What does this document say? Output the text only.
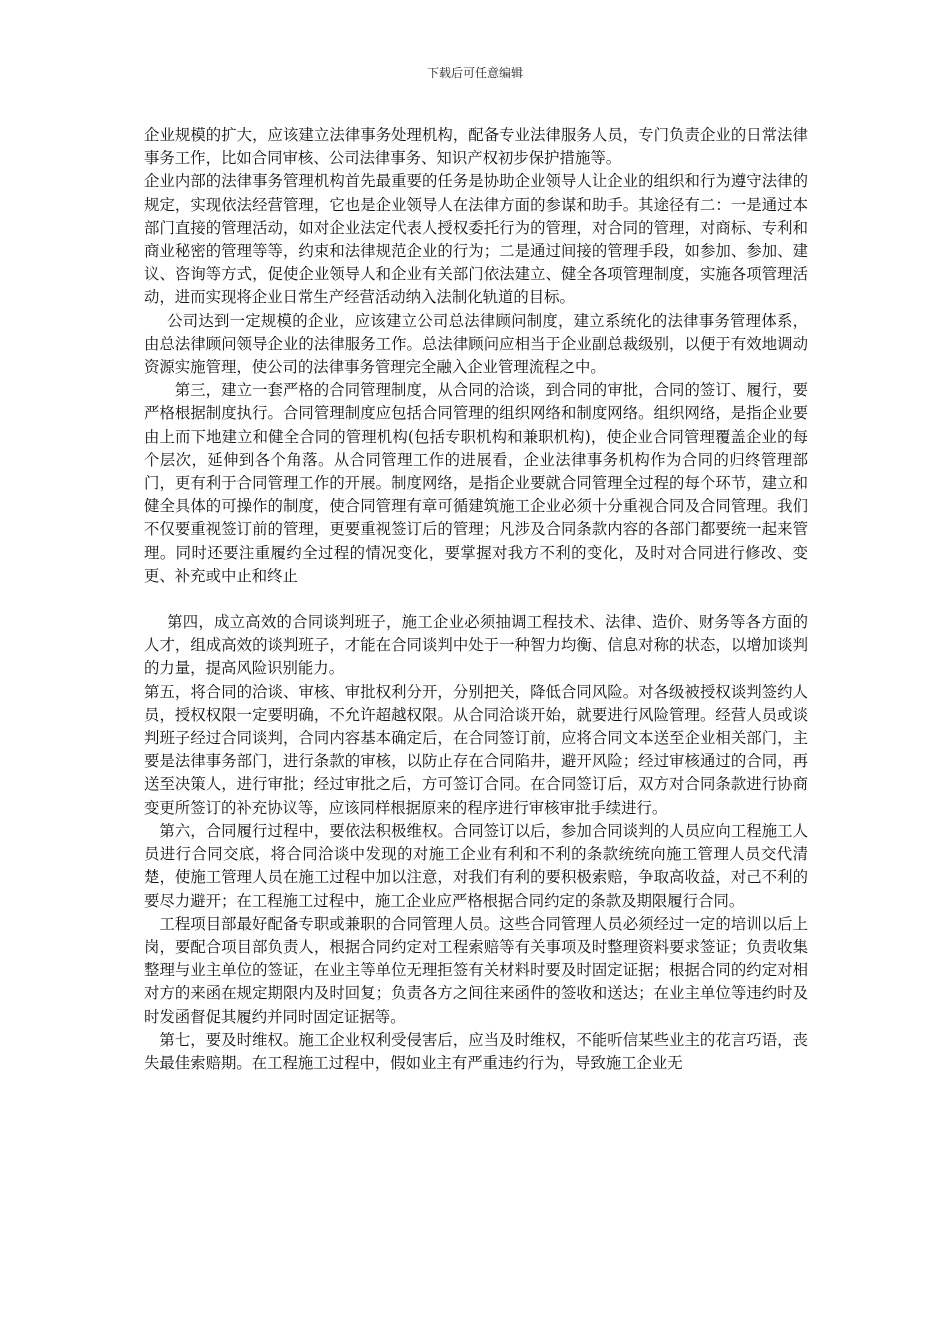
下载后可任意编辑

企业规模的扩大，应该建立法律事务处理机构，配备专业法律服务人员，专门负责企业的日常法律事务工作，比如合同审核、公司法律事务、知识产权初步保护措施等。

企业内部的法律事务管理机构首先最重要的任务是协助企业领导人让企业的组织和行为遵守法律的规定，实现依法经营管理，它也是企业领导人在法律方面的参谋和助手。其途径有二：一是通过本部门直接的管理活动，如对企业法定代表人授权委托行为的管理，对合同的管理，对商标、专利和商业秘密的管理等等，约束和法律规范企业的行为；二是通过间接的管理手段，如参加、参加、建议、咨询等方式，促使企业领导人和企业有关部门依法建立、健全各项管理制度，实施各项管理活动，进而实现将企业日常生产经营活动纳入法制化轨道的目标。

公司达到一定规模的企业，应该建立公司总法律顾问制度，建立系统化的法律事务管理体系，由总法律顾问领导企业的法律服务工作。总法律顾问应相当于企业副总裁级别，以便于有效地调动资源实施管理，使公司的法律事务管理完全融入企业管理流程之中。

第三，建立一套严格的合同管理制度，从合同的洽谈，到合同的审批，合同的签订、履行，要严格根据制度执行。合同管理制度应包括合同管理的组织网络和制度网络。组织网络，是指企业要由上而下地建立和健全合同的管理机构(包括专职机构和兼职机构)，使企业合同管理覆盖企业的每个层次，延伸到各个角落。从合同管理工作的进展看，企业法律事务机构作为合同的归终管理部门，更有利于合同管理工作的开展。制度网络，是指企业要就合同管理全过程的每个环节，建立和健全具体的可操作的制度，使合同管理有章可循建筑施工企业必须十分重视合同及合同管理。我们不仅要重视签订前的管理，更要重视签订后的管理；凡涉及合同条款内容的各部门都要统一起来管理。同时还要注重履约全过程的情况变化，要掌握对我方不利的变化，及时对合同进行修改、变更、补充或中止和终止

第四，成立高效的合同谈判班子，施工企业必须抽调工程技术、法律、造价、财务等各方面的人才，组成高效的谈判班子，才能在合同谈判中处于一种智力均衡、信息对称的状态，以增加谈判的力量，提高风险识别能力。

第五，将合同的洽谈、审核、审批权利分开，分别把关，降低合同风险。对各级被授权谈判签约人员，授权权限一定要明确，不允许超越权限。从合同洽谈开始，就要进行风险管理。经营人员或谈判班子经过合同谈判，合同内容基本确定后，在合同签订前，应将合同文本送至企业相关部门，主要是法律事务部门，进行条款的审核，以防止存在合同陷井，避开风险；经过审核通过的合同，再送至决策人，进行审批；经过审批之后，方可签订合同。在合同签订后，双方对合同条款进行协商变更所签订的补充协议等，应该同样根据原来的程序进行审核审批手续进行。

第六，合同履行过程中，要依法积极维权。合同签订以后，参加合同谈判的人员应向工程施工人员进行合同交底，将合同洽谈中发现的对施工企业有利和不利的条款统统向施工管理人员交代清楚，使施工管理人员在施工过程中加以注意，对我们有利的要积极索赔，争取高收益，对己不利的要尽力避开；在工程施工过程中，施工企业应严格根据合同约定的条款及期限履行合同。

工程项目部最好配备专职或兼职的合同管理人员。这些合同管理人员必须经过一定的培训以后上岗，要配合项目部负责人，根据合同约定对工程索赔等有关事项及时整理资料要求签证；负责收集整理与业主单位的签证，在业主等单位无理拒签有关材料时要及时固定证据；根据合同的约定对相对方的来函在规定期限内及时回复；负责各方之间往来函件的签收和送达；在业主单位等违约时及时发函督促其履约并同时固定证据等。

第七，要及时维权。施工企业权利受侵害后，应当及时维权，不能听信某些业主的花言巧语，丧失最佳索赔期。在工程施工过程中，假如业主有严重违约行为，导致施工企业无
